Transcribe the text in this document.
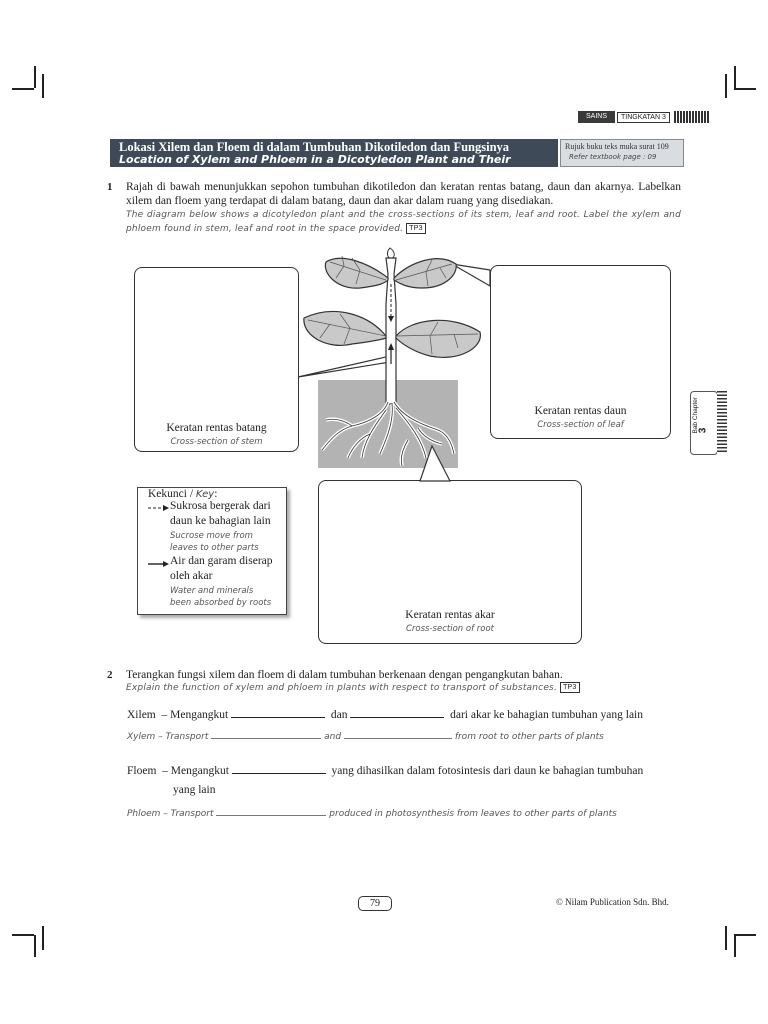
SAINS	TINGKATAN 3
Lokasi Xilem dan Floem di dalam Tumbuhan Dikotiledon dan Fungsinya
Location of Xylem and Phloem in a Dicotyledon Plant and Their Functions
Rujuk buku teks muka surat 109
Refer textbook page : 09
1 Rajah di bawah menunjukkan sepohon tumbuhan dikotiledon dan keratan rentas batang, daun dan akarnya. Labelkan xilem dan floem yang terdapat di dalam batang, daun dan akar dalam ruang yang disediakan.
The diagram below shows a dicotyledon plant and the cross-sections of its stem, leaf and root. Label the xylem and phloem found in stem, leaf and root in the space provided. TP3
Keratan rentas batang
Cross-section of stem
Keratan rentas daun
Cross-section of leaf
Keratan rentas akar
Cross-section of root
Kekunci / Key:
Sukrosa bergerak dari
daun ke bahagian lain
Sucrose move from
leaves to other parts
Air dan garam diserap
oleh akar
Water and minerals
been absorbed by roots
Bab Chapter
3
2 Terangkan fungsi xilem dan floem di dalam tumbuhan berkenaan dengan pengangkutan bahan.
Explain the function of xylem and phloem in plants with respect to transport of substances. TP3
Xilem – Mengangkut	dan	dari akar ke bahagian tumbuhan yang lain
Xylem – Transport	and	from root to other parts of plants
Floem – Mengangkut	yang dihasilkan dalam fotosintesis dari daun ke bahagian tumbuhan
yang lain
Phloem – Transport	produced in photosynthesis from leaves to other parts of plants
79	© Nilam Publication Sdn. Bhd.
